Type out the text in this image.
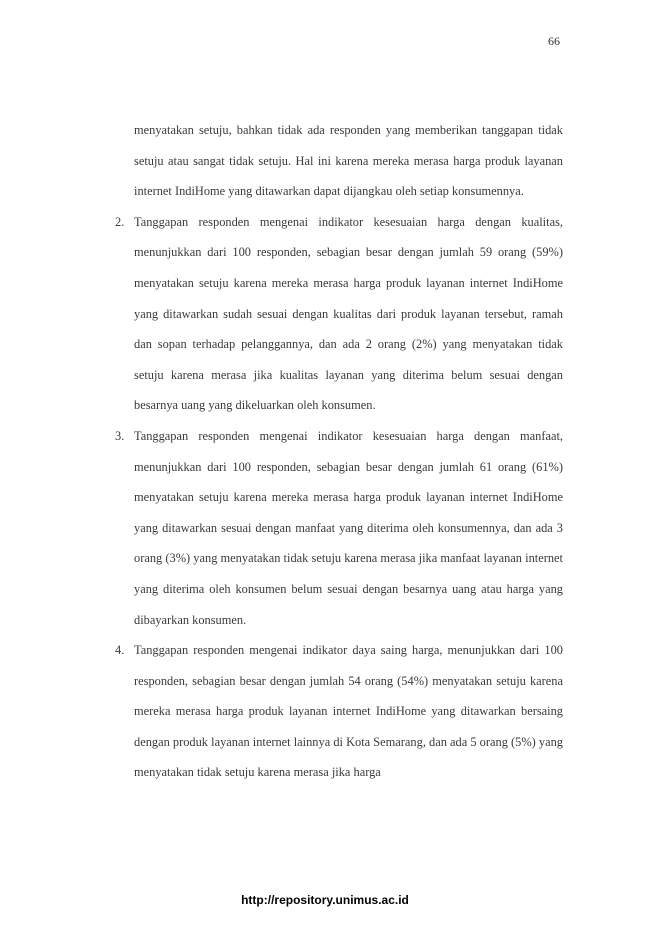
66

menyatakan setuju, bahkan tidak ada responden yang memberikan tanggapan tidak setuju atau sangat tidak setuju. Hal ini karena mereka merasa harga produk layanan internet IndiHome yang ditawarkan dapat dijangkau oleh setiap konsumennya.

2. Tanggapan responden mengenai indikator kesesuaian harga dengan kualitas, menunjukkan dari 100 responden, sebagian besar dengan jumlah 59 orang (59%) menyatakan setuju karena mereka merasa harga produk layanan internet IndiHome yang ditawarkan sudah sesuai dengan kualitas dari produk layanan tersebut, ramah dan sopan terhadap pelanggannya, dan ada 2 orang (2%) yang menyatakan tidak setuju karena merasa jika kualitas layanan yang diterima belum sesuai dengan besarnya uang yang dikeluarkan oleh konsumen.
3. Tanggapan responden mengenai indikator kesesuaian harga dengan manfaat, menunjukkan dari 100 responden, sebagian besar dengan jumlah 61 orang (61%) menyatakan setuju karena mereka merasa harga produk layanan internet IndiHome yang ditawarkan sesuai dengan manfaat yang diterima oleh konsumennya, dan ada 3 orang (3%) yang menyatakan tidak setuju karena merasa jika manfaat layanan internet yang diterima oleh konsumen belum sesuai dengan besarnya uang atau harga yang dibayarkan konsumen.
4. Tanggapan responden mengenai indikator daya saing harga, menunjukkan dari 100 responden, sebagian besar dengan jumlah 54 orang (54%) menyatakan setuju karena mereka merasa harga produk layanan internet IndiHome yang ditawarkan bersaing dengan produk layanan internet lainnya di Kota Semarang, dan ada 5 orang (5%) yang menyatakan tidak setuju karena merasa jika harga
http://repository.unimus.ac.id
